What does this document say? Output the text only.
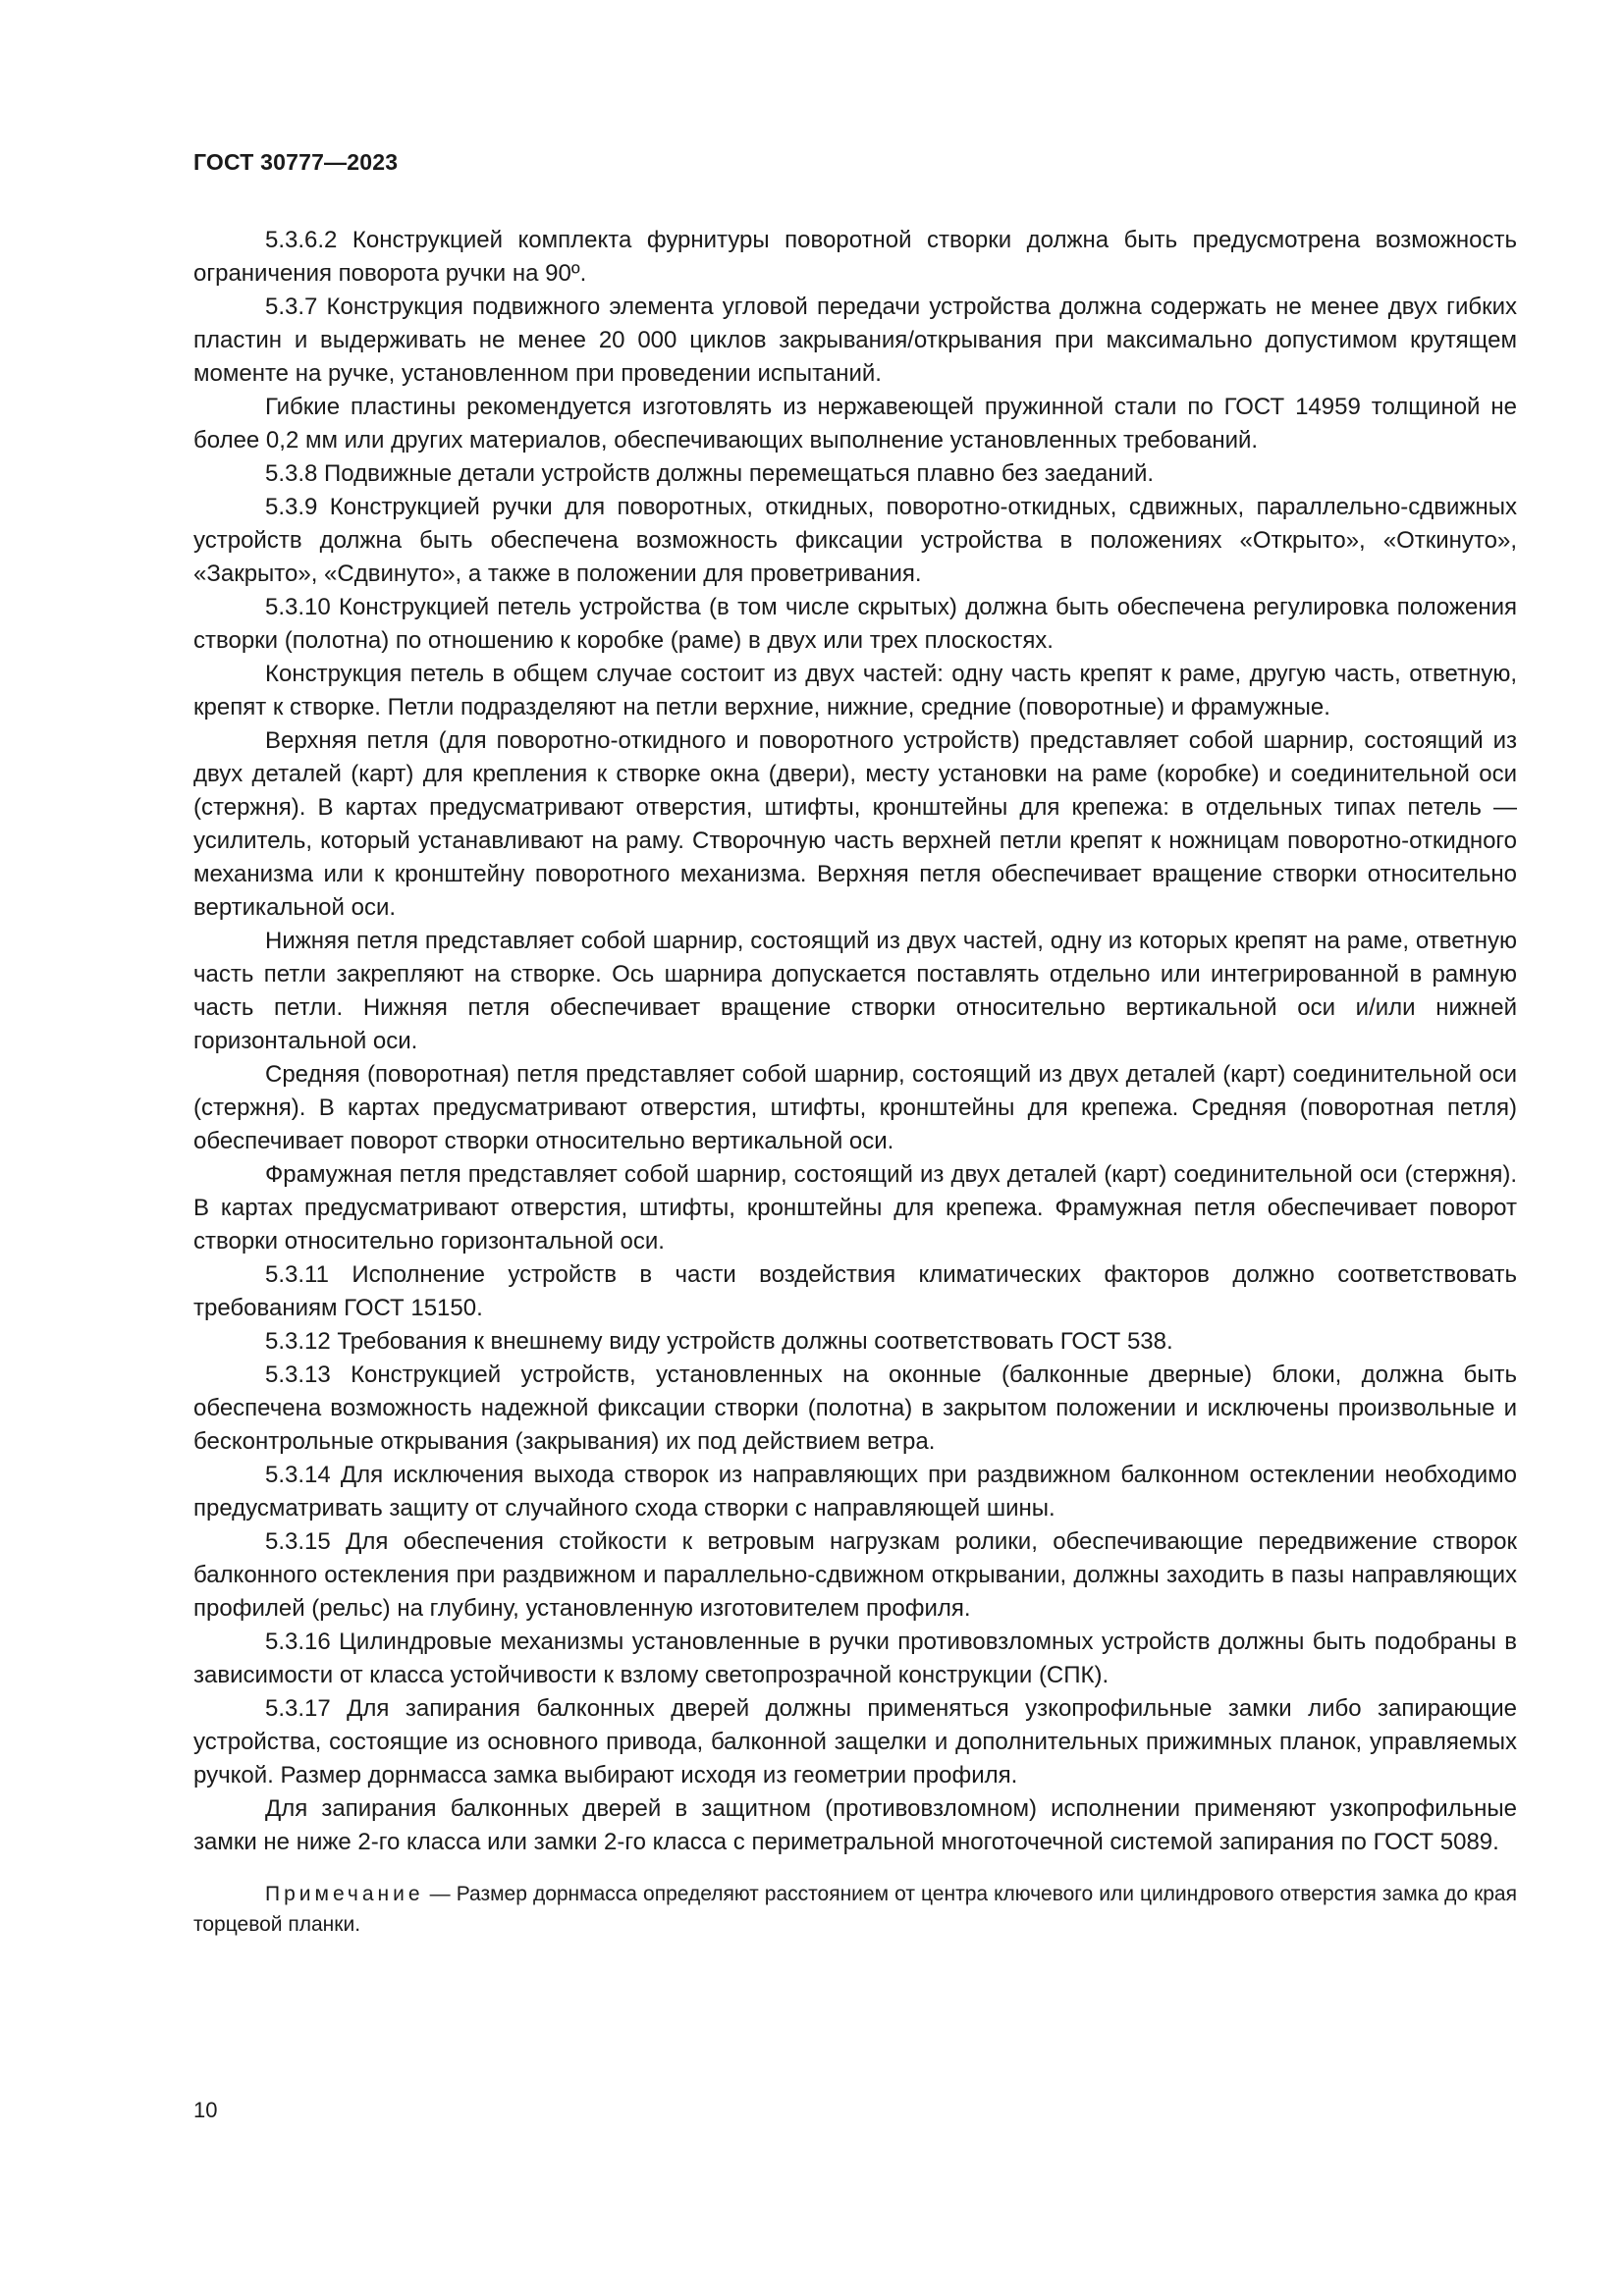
ГОСТ 30777—2023

5.3.6.2 Конструкцией комплекта фурнитуры поворотной створки должна быть предусмотрена возможность ограничения поворота ручки на 90º.

5.3.7 Конструкция подвижного элемента угловой передачи устройства должна содержать не менее двух гибких пластин и выдерживать не менее 20 000 циклов закрывания/открывания при максимально допустимом крутящем моменте на ручке, установленном при проведении испытаний.

Гибкие пластины рекомендуется изготовлять из нержавеющей пружинной стали по ГОСТ 14959 толщиной не более 0,2 мм или других материалов, обеспечивающих выполнение установленных требований.

5.3.8 Подвижные детали устройств должны перемещаться плавно без заеданий.

5.3.9 Конструкцией ручки для поворотных, откидных, поворотно-откидных, сдвижных, параллельно-сдвижных устройств должна быть обеспечена возможность фиксации устройства в положениях «Открыто», «Откинуто», «Закрыто», «Сдвинуто», а также в положении для проветривания.

5.3.10 Конструкцией петель устройства (в том числе скрытых) должна быть обеспечена регулировка положения створки (полотна) по отношению к коробке (раме) в двух или трех плоскостях.

Конструкция петель в общем случае состоит из двух частей: одну часть крепят к раме, другую часть, ответную, крепят к створке. Петли подразделяют на петли верхние, нижние, средние (поворотные) и фрамужные.

Верхняя петля (для поворотно-откидного и поворотного устройств) представляет собой шарнир, состоящий из двух деталей (карт) для крепления к створке окна (двери), месту установки на раме (коробке) и соединительной оси (стержня). В картах предусматривают отверстия, штифты, кронштейны для крепежа: в отдельных типах петель — усилитель, который устанавливают на раму. Створочную часть верхней петли крепят к ножницам поворотно-откидного механизма или к кронштейну поворотного механизма. Верхняя петля обеспечивает вращение створки относительно вертикальной оси.

Нижняя петля представляет собой шарнир, состоящий из двух частей, одну из которых крепят на раме, ответную часть петли закрепляют на створке. Ось шарнира допускается поставлять отдельно или интегрированной в рамную часть петли. Нижняя петля обеспечивает вращение створки относительно вертикальной оси и/или нижней горизонтальной оси.

Средняя (поворотная) петля представляет собой шарнир, состоящий из двух деталей (карт) соединительной оси (стержня). В картах предусматривают отверстия, штифты, кронштейны для крепежа. Средняя (поворотная петля) обеспечивает поворот створки относительно вертикальной оси.

Фрамужная петля представляет собой шарнир, состоящий из двух деталей (карт) соединительной оси (стержня). В картах предусматривают отверстия, штифты, кронштейны для крепежа. Фрамужная петля обеспечивает поворот створки относительно горизонтальной оси.

5.3.11 Исполнение устройств в части воздействия климатических факторов должно соответствовать требованиям ГОСТ 15150.

5.3.12 Требования к внешнему виду устройств должны соответствовать ГОСТ 538.

5.3.13 Конструкцией устройств, установленных на оконные (балконные дверные) блоки, должна быть обеспечена возможность надежной фиксации створки (полотна) в закрытом положении и исключены произвольные и бесконтрольные открывания (закрывания) их под действием ветра.

5.3.14 Для исключения выхода створок из направляющих при раздвижном балконном остеклении необходимо предусматривать защиту от случайного схода створки с направляющей шины.

5.3.15 Для обеспечения стойкости к ветровым нагрузкам ролики, обеспечивающие передвижение створок балконного остекления при раздвижном и параллельно-сдвижном открывании, должны заходить в пазы направляющих профилей (рельс) на глубину, установленную изготовителем профиля.

5.3.16 Цилиндровые механизмы установленные в ручки противовзломных устройств должны быть подобраны в зависимости от класса устойчивости к взлому светопрозрачной конструкции (СПК).

5.3.17 Для запирания балконных дверей должны применяться узкопрофильные замки либо запирающие устройства, состоящие из основного привода, балконной защелки и дополнительных прижимных планок, управляемых ручкой. Размер дорнмасса замка выбирают исходя из геометрии профиля.

Для запирания балконных дверей в защитном (противовзломном) исполнении применяют узкопрофильные замки не ниже 2-го класса или замки 2-го класса с периметральной многоточечной системой запирания по ГОСТ 5089.

Примечание — Размер дорнмасса определяют расстоянием от центра ключевого или цилиндрового отверстия замка до края торцевой планки.

10
